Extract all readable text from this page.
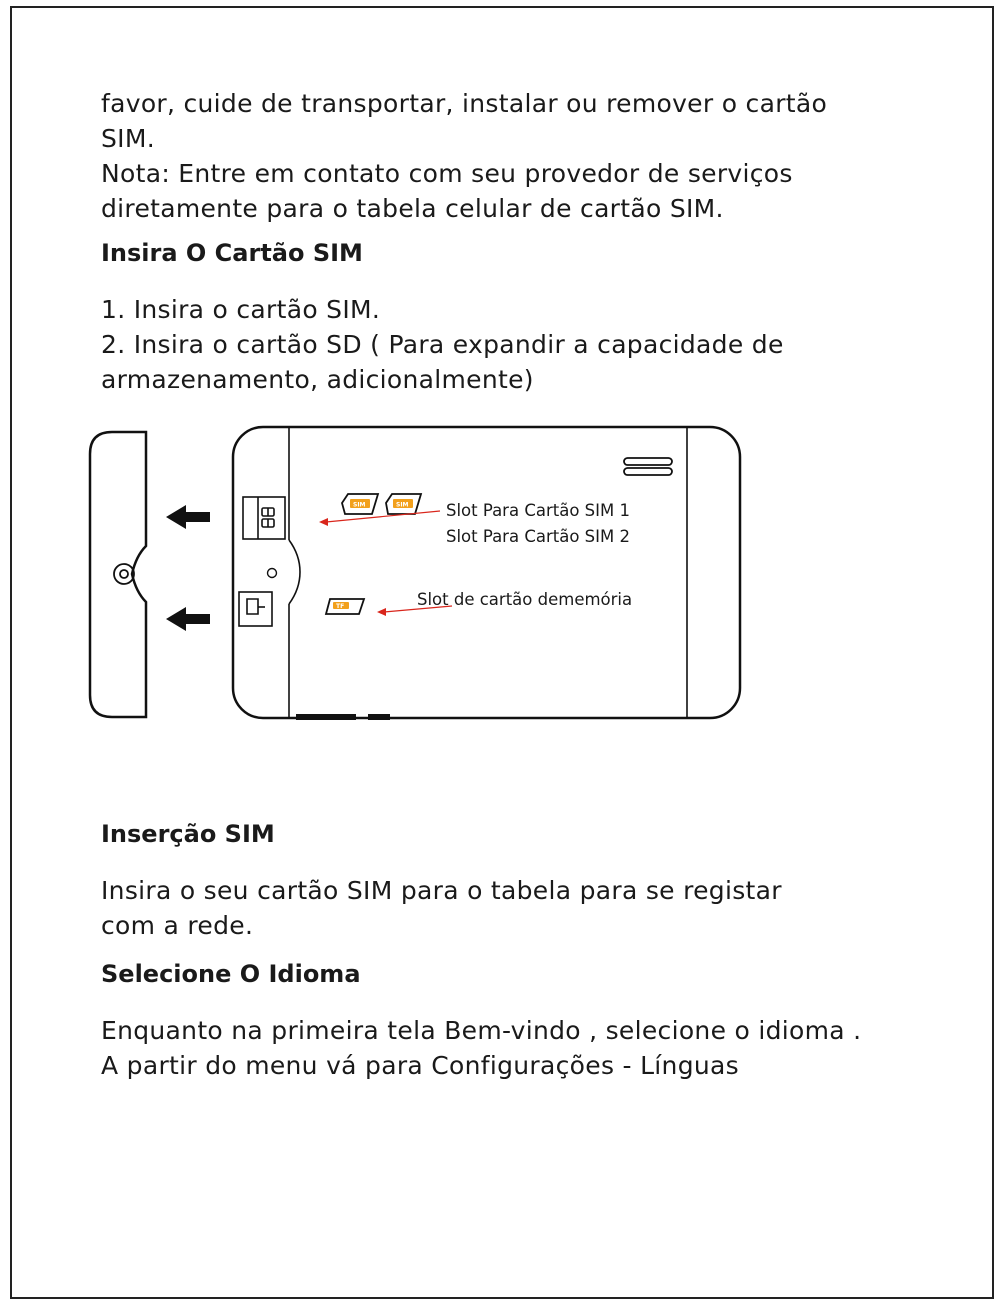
favor, cuide de transportar, instalar ou remover o cartão

SIM.

Nota: Entre em contato com seu provedor de serviços

diretamente para o tabela celular de cartão SIM.

Insira O Cartão SIM

1. Insira o cartão SIM.

2. Insira o cartão SD ( Para expandir a capacidade de

armazenamento, adicionalmente)

SIM	SIM
TF
Slot Para Cartão SIM 1
Slot Para Cartão SIM 2
Slot de cartão dememória
Inserção SIM

Insira o seu cartão SIM para o tabela para se registar

com a rede.

Selecione O Idioma

Enquanto na primeira tela Bem-vindo , selecione o idioma .

A partir do menu vá para Configurações - Línguas
